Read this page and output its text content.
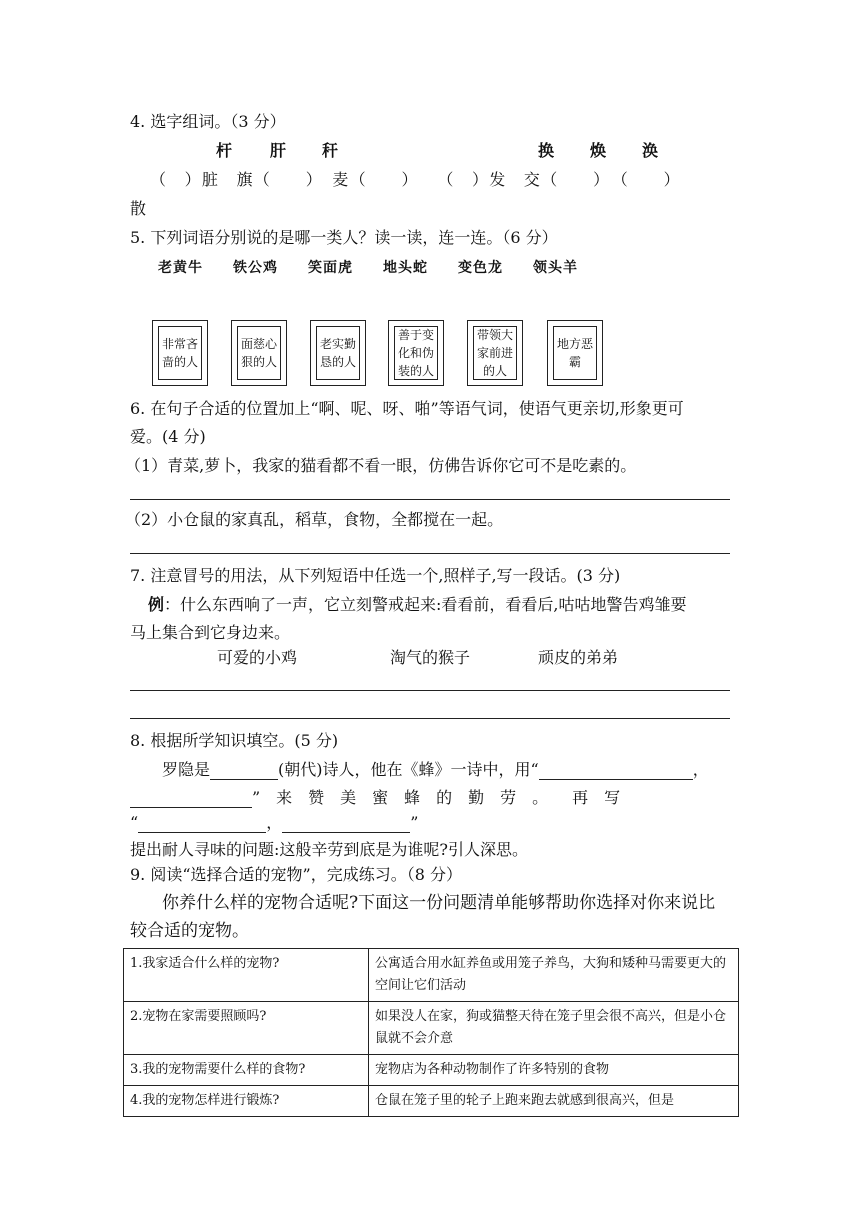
4. 选字组词。（3 分）
杆 肝 秆	换 焕 涣
（　）脏　旗（　　）　麦（　　）　　（　）发　交（　　）　（　　）
散
5. 下列词语分别说的是哪一类人？读一读，连一连。（6 分）
老黄牛 铁公鸡 笑面虎 地头蛇 变色龙 领头羊
非常吝啬的人
面慈心狠的人
老实勤恳的人
善于变化和伪装的人
带领大家前进的人
地方恶霸
6. 在句子合适的位置加上“啊、呢、呀、啪”等语气词，使语气更亲切,形象更可
爱。(4 分)
（1）青菜,萝卜，我家的猫看都不看一眼，仿佛告诉你它可不是吃素的。
（2）小仓鼠的家真乱，稻草，食物，全都搅在一起。
7. 注意冒号的用法，从下列短语中任选一个,照样子,写一段话。(3 分)
例：什么东西响了一声，它立刻警戒起来:看看前，看看后,咕咕地警告鸡雏要
马上集合到它身边来。
可爱的小鸡	淘气的猴子	顽皮的弟弟
8. 根据所学知识填空。(5 分)
罗隐是	(朝代)诗人，他在《蜂》一诗中，用“	，
”　来　赞　美　蜜　蜂　的　勤　劳　。　　再　写
“	，	”
提出耐人寻味的问题:这般辛劳到底是为谁呢?引人深思。
9. 阅读“选择合适的宠物”，完成练习。（8 分）
你养什么样的宠物合适呢?下面这一份问题清单能够帮助你选择对你来说比
较合适的宠物。
1.我家适合什么样的宠物?	公寓适合用水缸养鱼或用笼子养鸟，大狗和矮种马需要更大的空间让它们活动
2.宠物在家需要照顾吗?	如果没人在家，狗或猫整天待在笼子里会很不高兴，但是小仓鼠就不会介意
3.我的宠物需要什么样的食物?	宠物店为各种动物制作了许多特别的食物
4.我的宠物怎样进行锻炼?	仓鼠在笼子里的轮子上跑来跑去就感到很高兴，但是
